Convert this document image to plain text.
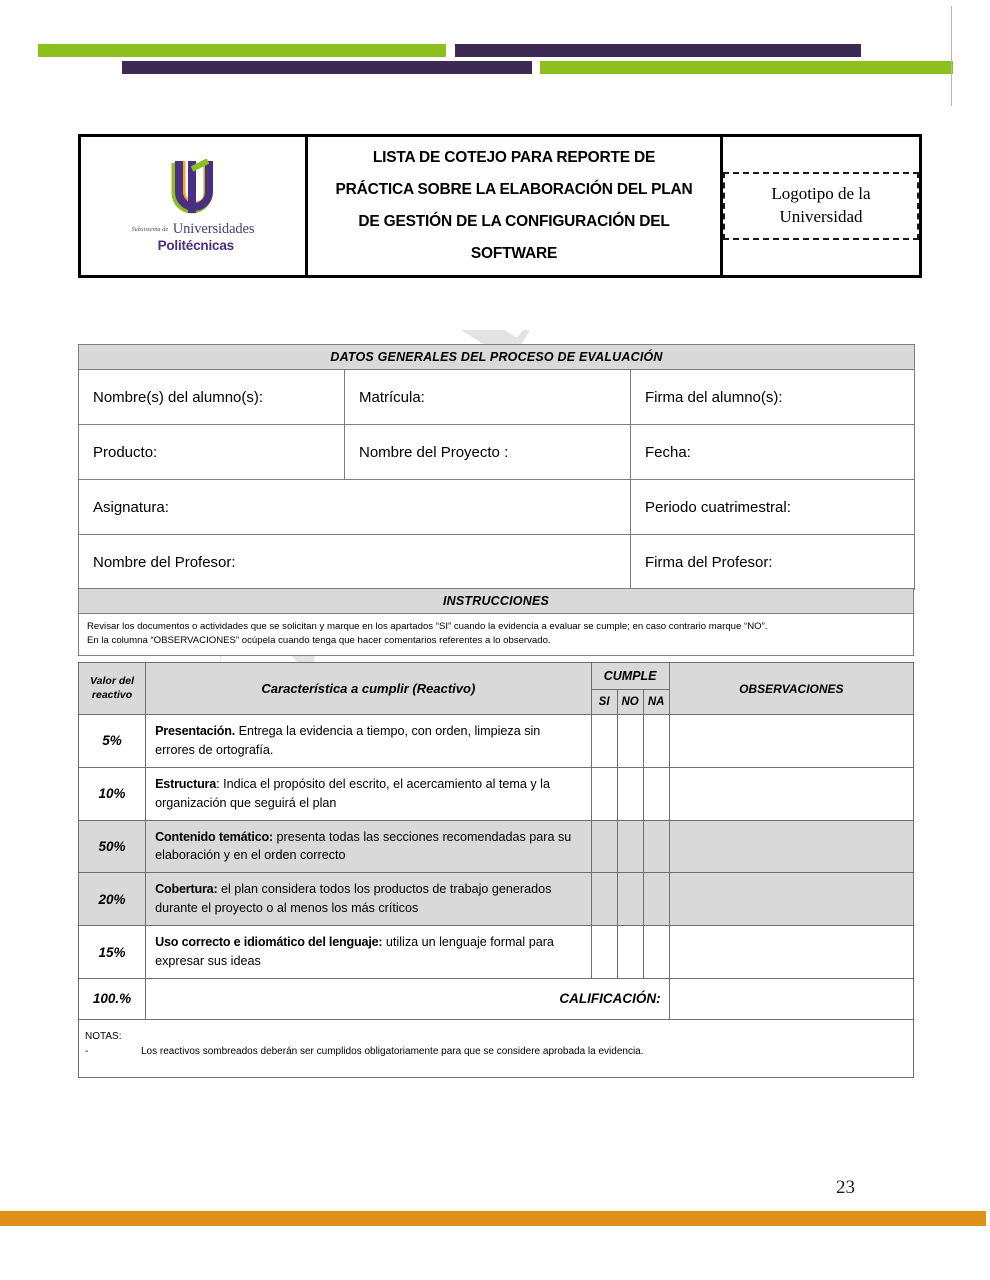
$^{Subsistema de}$ Universidades
Politécnicas

LISTA DE COTEJO PARA REPORTE DE
PRÁCTICA SOBRE LA ELABORACIÓN DEL PLAN
DE GESTIÓN DE LA CONFIGURACIÓN DEL
SOFTWARE
	Logotipo de la Universidad
DATOS GENERALES DEL PROCESO DE EVALUACIÓN		
Nombre(s) del alumno(s):	Matrícula:	Firma del alumno(s):
Producto:	Nombre del Proyecto :	Fecha:
Asignatura:		Periodo cuatrimestral:
Nombre del Profesor:		Firma del Profesor:
INSTRUCCIONES

Revisar los documentos o actividades que se solicitan y marque en los apartados “SI” cuando la evidencia a evaluar se cumple; en caso contrario marque “NO”.
En la columna “OBSERVACIONES” ocúpela cuando tenga que hacer comentarios referentes a lo observado.
Valor del
reactivo	Característica a cumplir (Reactivo)	CUMPLE			OBSERVACIONES
		SI	NO	NA	
5%	Presentación. Entrega la evidencia a tiempo, con orden, limpieza sin errores de ortografía.				
10%	Estructura: Indica el propósito del escrito, el acercamiento al tema y la organización que seguirá el plan				
50%	Contenido temático: presenta todas las secciones recomendadas para su elaboración y en el orden correcto				
20%	Cobertura: el plan considera todos los productos de trabajo generados durante el proyecto o al menos los más críticos				
15%	Uso correcto e idiomático del lenguaje: utiliza un lenguaje formal para expresar sus ideas				
100.%	CALIFICACIÓN:				

NOTAS:
- Los reactivos sombreados deberán ser cumplidos obligatoriamente para que se considere aprobada la evidencia.					
23
